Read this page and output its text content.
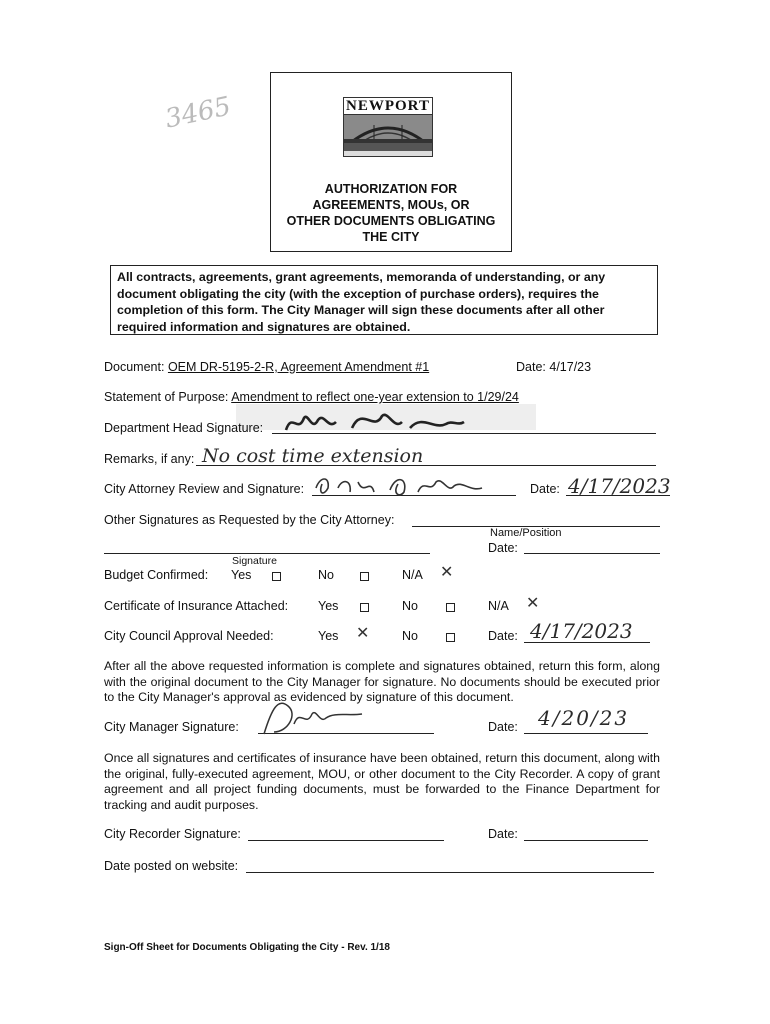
3465	NEWPORT
AUTHORIZATION FOR
AGREEMENTS, MOUs, OR
OTHER DOCUMENTS OBLIGATING
THE CITY
All contracts, agreements, grant agreements, memoranda of understanding, or any document obligating the city (with the exception of purchase orders), requires the completion of this form. The City Manager will sign these documents after all other required information and signatures are obtained.
Document: OEM DR-5195-2-R, Agreement Amendment #1	Date: 4/17/23
Statement of Purpose: Amendment to reflect one-year extension to 1/29/24
Department Head Signature:
Remarks, if any: No cost time extension
City Attorney Review and Signature:	Date: 4/17/2023
Other Signatures as Requested by the City Attorney:
Name/Position
Date:
Signature
Budget Confirmed: Yes	No	N/A ✕
Certificate of Insurance Attached: Yes	No	N/A ✕
City Council Approval Needed:	Yes ✕	No	Date: 4/17/2023
After all the above requested information is complete and signatures obtained, return this form, along with the original document to the City Manager for signature. No documents should be executed prior to the City Manager's approval as evidenced by signature of this document.
City Manager Signature:	Date: 4/20/23
Once all signatures and certificates of insurance have been obtained, return this document, along with the original, fully-executed agreement, MOU, or other document to the City Recorder. A copy of grant agreement and all project funding documents, must be forwarded to the Finance Department for tracking and audit purposes.
City Recorder Signature:	Date:
Date posted on website:
Sign-Off Sheet for Documents Obligating the City - Rev. 1/18
